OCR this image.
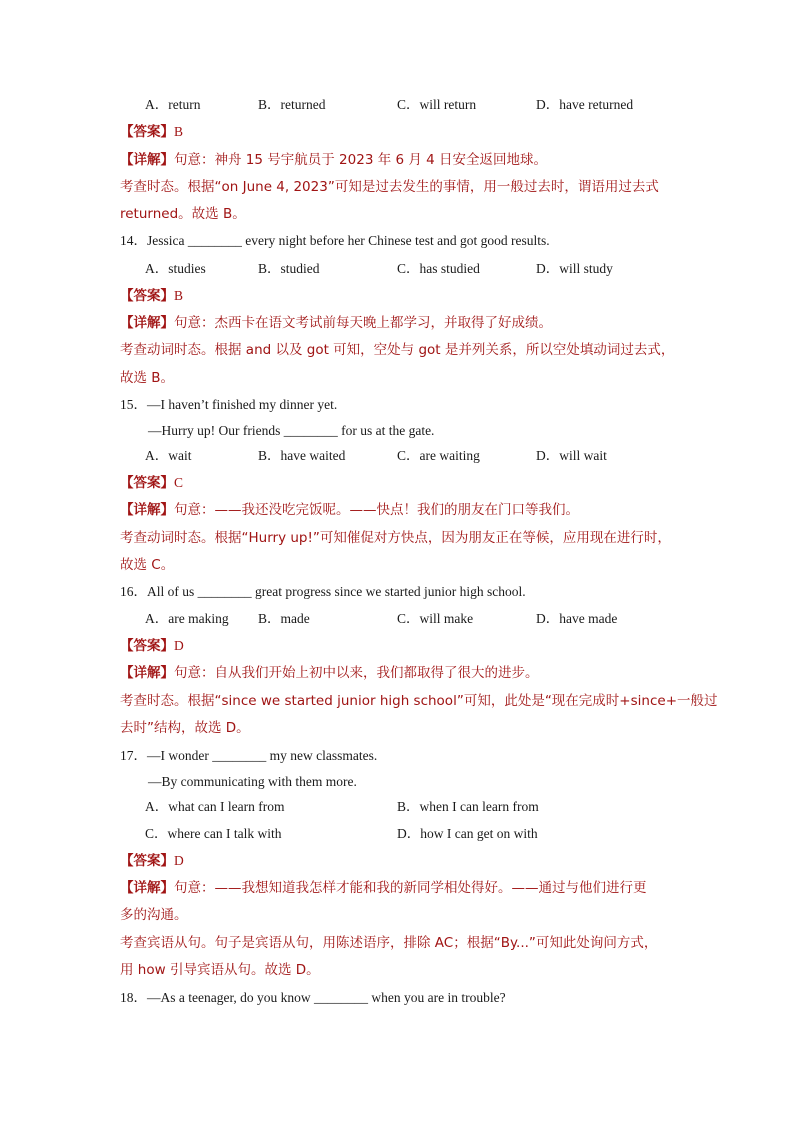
A．return	B．returned	C．will return	D．have returned
【答案】B
【详解】句意：神舟 15 号宇航员于 2023 年 6 月 4 日安全返回地球。
考查时态。根据“on June 4, 2023”可知是过去发生的事情，用一般过去时，谓语用过去式
returned。故选 B。
14．Jessica ________ every night before her Chinese test and got good results.
A．studies	B．studied	C．has studied	D．will study
【答案】B
【详解】句意：杰西卡在语文考试前每天晚上都学习，并取得了好成绩。
考查动词时态。根据 and 以及 got 可知，空处与 got 是并列关系，所以空处填动词过去式，
故选 B。
15．—I haven’t finished my dinner yet.
—Hurry up! Our friends ________ for us at the gate.
A．wait	B．have waited	C．are waiting	D．will wait
【答案】C
【详解】句意：——我还没吃完饭呢。——快点！我们的朋友在门口等我们。
考查动词时态。根据“Hurry up!”可知催促对方快点，因为朋友正在等候，应用现在进行时，
故选 C。
16．All of us ________ great progress since we started junior high school.
A．are making B．made	C．will make	D．have made
【答案】D
【详解】句意：自从我们开始上初中以来，我们都取得了很大的进步。
考查时态。根据“since we started junior high school”可知，此处是“现在完成时+since+一般过
去时”结构，故选 D。
17．—I wonder ________ my new classmates.
—By communicating with them more.
A．what can I learn from	B．when I can learn from
C．where can I talk with	D．how I can get on with
【答案】D
【详解】句意：——我想知道我怎样才能和我的新同学相处得好。——通过与他们进行更
多的沟通。
考查宾语从句。句子是宾语从句，用陈述语序，排除 AC；根据“By...”可知此处询问方式，
用 how 引导宾语从句。故选 D。
18．—As a teenager, do you know ________ when you are in trouble?
